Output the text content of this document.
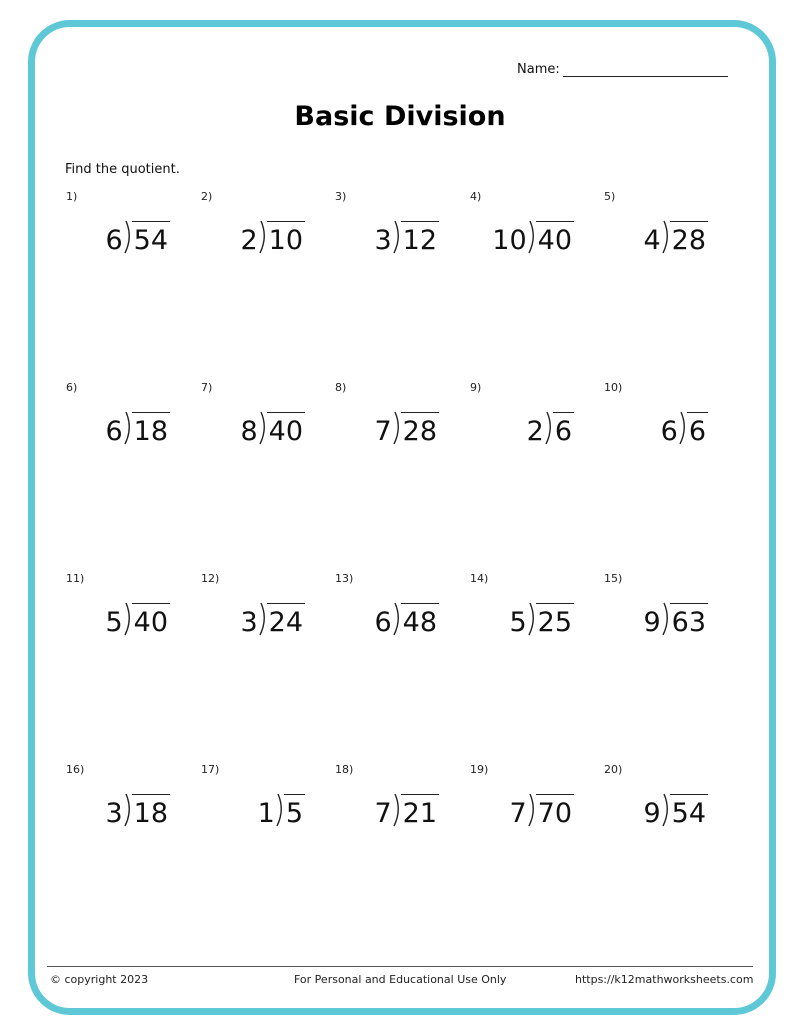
Name:
Basic Division
Find the quotient.
1)
6 54
2)
2 10
3)
3 12
4)
10 40
5)
4 28
6)
6 18
7)
8 40
8)
7 28
9)
2 6
10)
6 6
11)
5 40
12)
3 24
13)
6 48
14)
5 25
15)
9 63
16)
3 18
17)
1 5
18)
7 21
19)
7 70
20)
9 54
© copyright 2023	For Personal and Educational Use Only	https://k12mathworksheets.com
